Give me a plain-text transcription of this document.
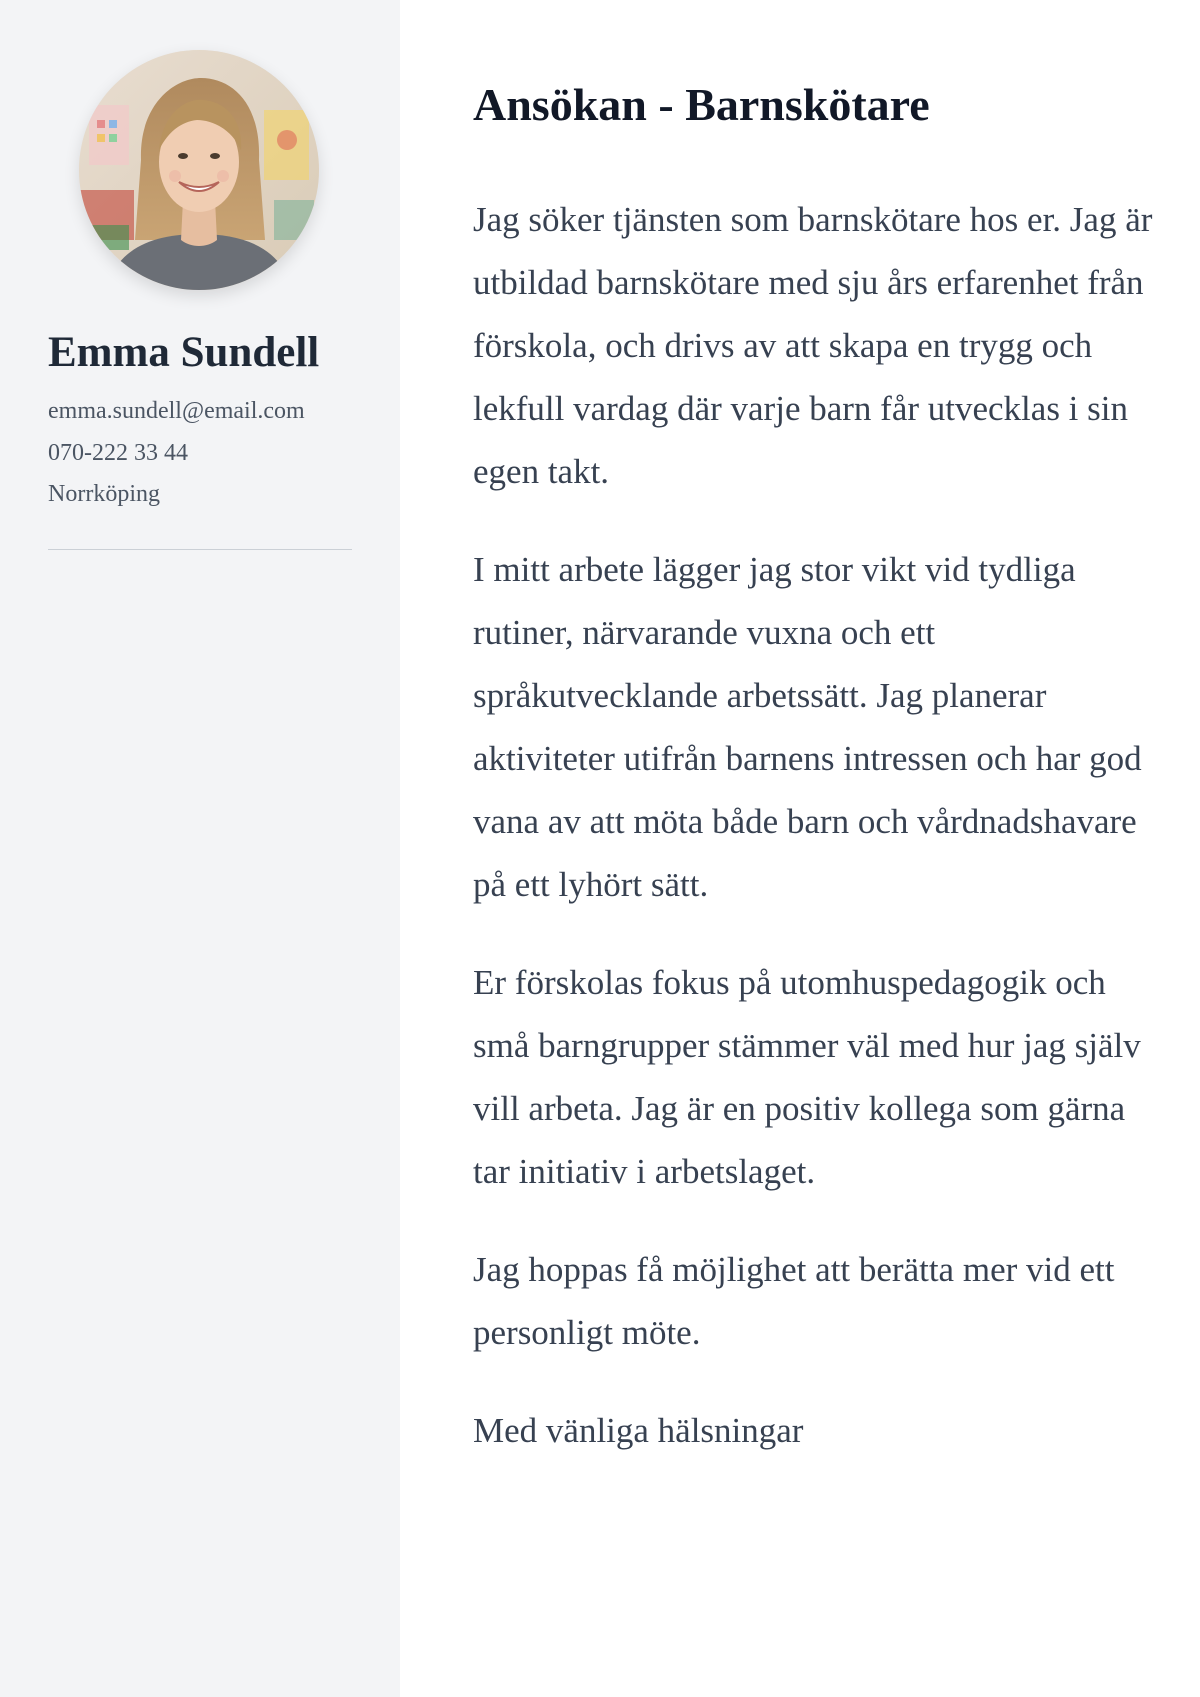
Emma Sundell
emma.sundell@email.com
070-222 33 44
Norrköping
Ansökan - Barnskötare

Jag söker tjänsten som barnskötare hos er. Jag är utbildad barnskötare med sju års erfarenhet från förskola, och drivs av att skapa en trygg och lekfull vardag där varje barn får utvecklas i sin egen takt.

I mitt arbete lägger jag stor vikt vid tydliga rutiner, närvarande vuxna och ett språkutvecklande arbetssätt. Jag planerar aktiviteter utifrån barnens intressen och har god vana av att möta både barn och vårdnadshavare på ett lyhört sätt.

Er förskolas fokus på utomhuspedagogik och små barngrupper stämmer väl med hur jag själv vill arbeta. Jag är en positiv kollega som gärna tar initiativ i arbetslaget.

Jag hoppas få möjlighet att berätta mer vid ett personligt möte.

Med vänliga hälsningar
